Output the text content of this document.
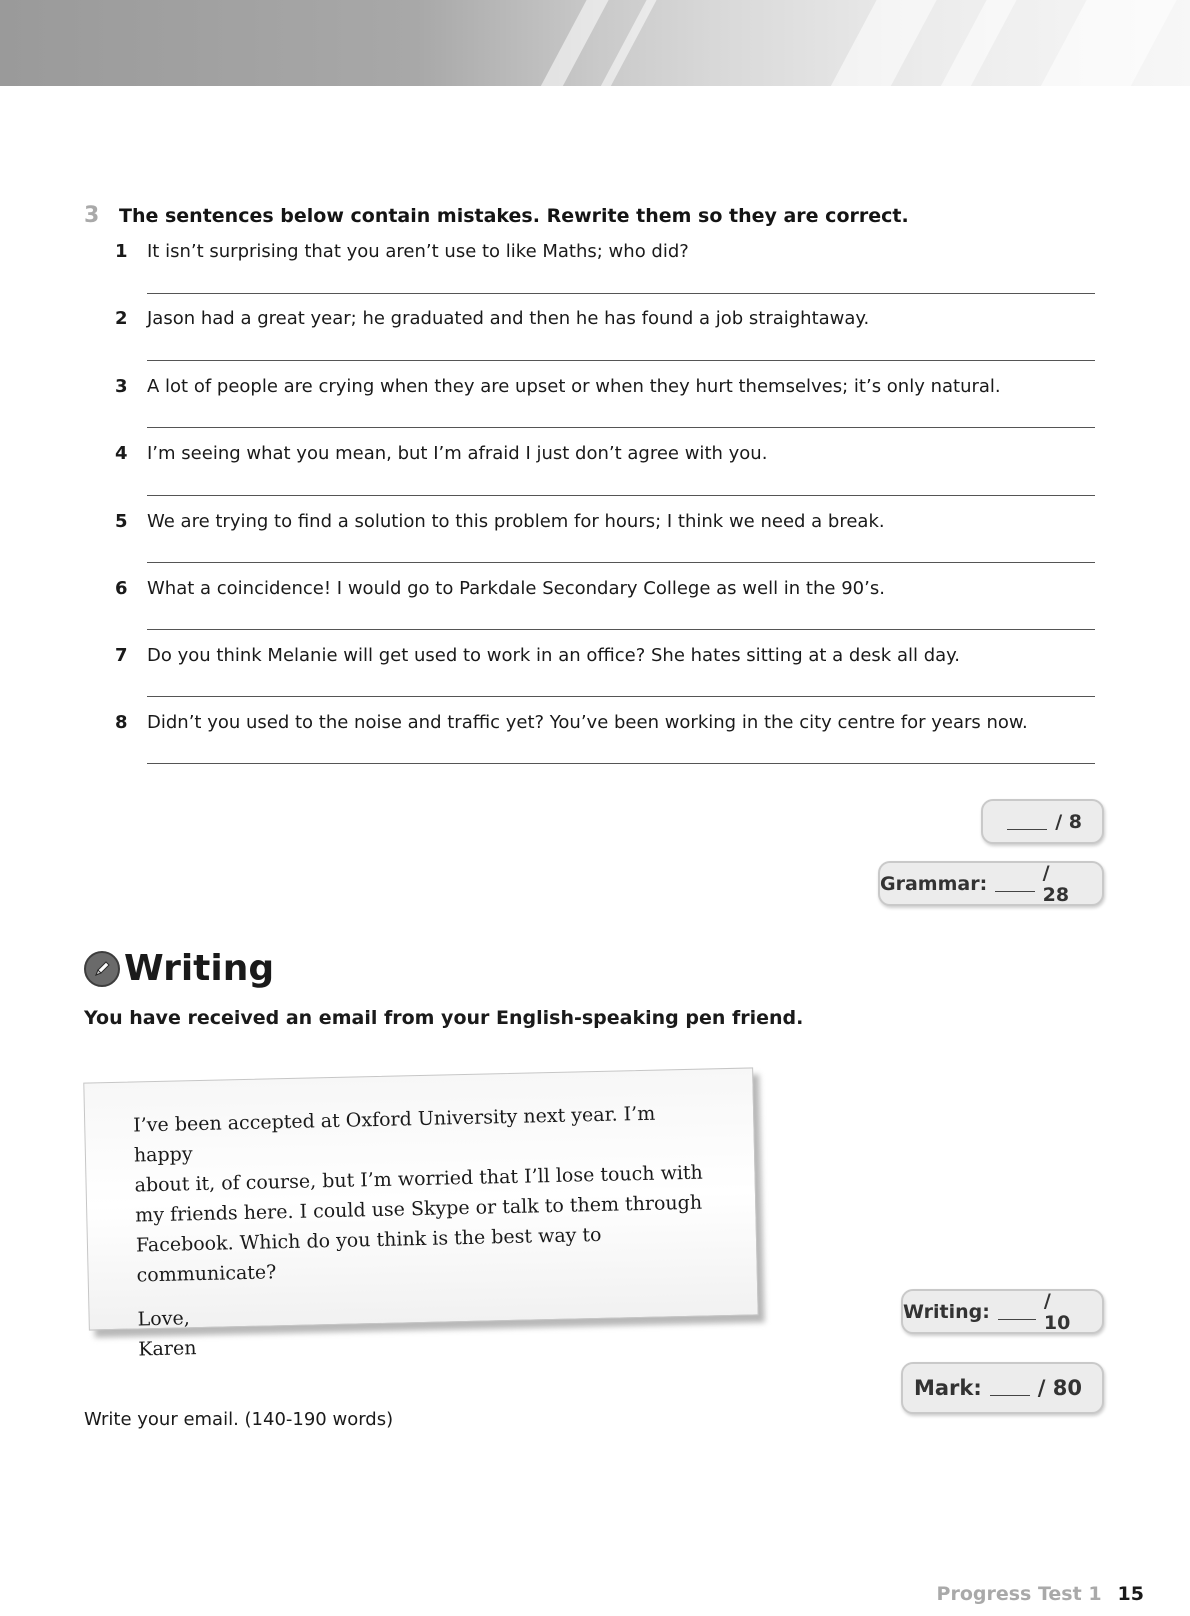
3	The sentences below contain mistakes. Rewrite them so they are correct.
1	It isn’t surprising that you aren’t use to like Maths; who did?
2	Jason had a great year; he graduated and then he has found a job straightaway.
3	A lot of people are crying when they are upset or when they hurt themselves; it’s only natural.
4	I’m seeing what you mean, but I’m afraid I just don’t agree with you.
5	We are trying to find a solution to this problem for hours; I think we need a break.
6	What a coincidence! I would go to Parkdale Secondary College as well in the 90’s.
7	Do you think Melanie will get used to work in an office? She hates sitting at a desk all day.
8	Didn’t you used to the noise and traffic yet? You’ve been working in the city centre for years now.
/ 8
Grammar:	/ 28
Writing
You have received an email from your English-speaking pen friend.

I’ve been accepted at Oxford University next year. I’m happy

about it, of course, but I’m worried that I’ll lose touch with

my friends here. I could use Skype or talk to them through

Facebook. Which do you think is the best way to communicate?

Love,

Karen

Writing:	/ 10
Mark:	/ 80
Write your email. (140-190 words)
Progress Test 1 15
